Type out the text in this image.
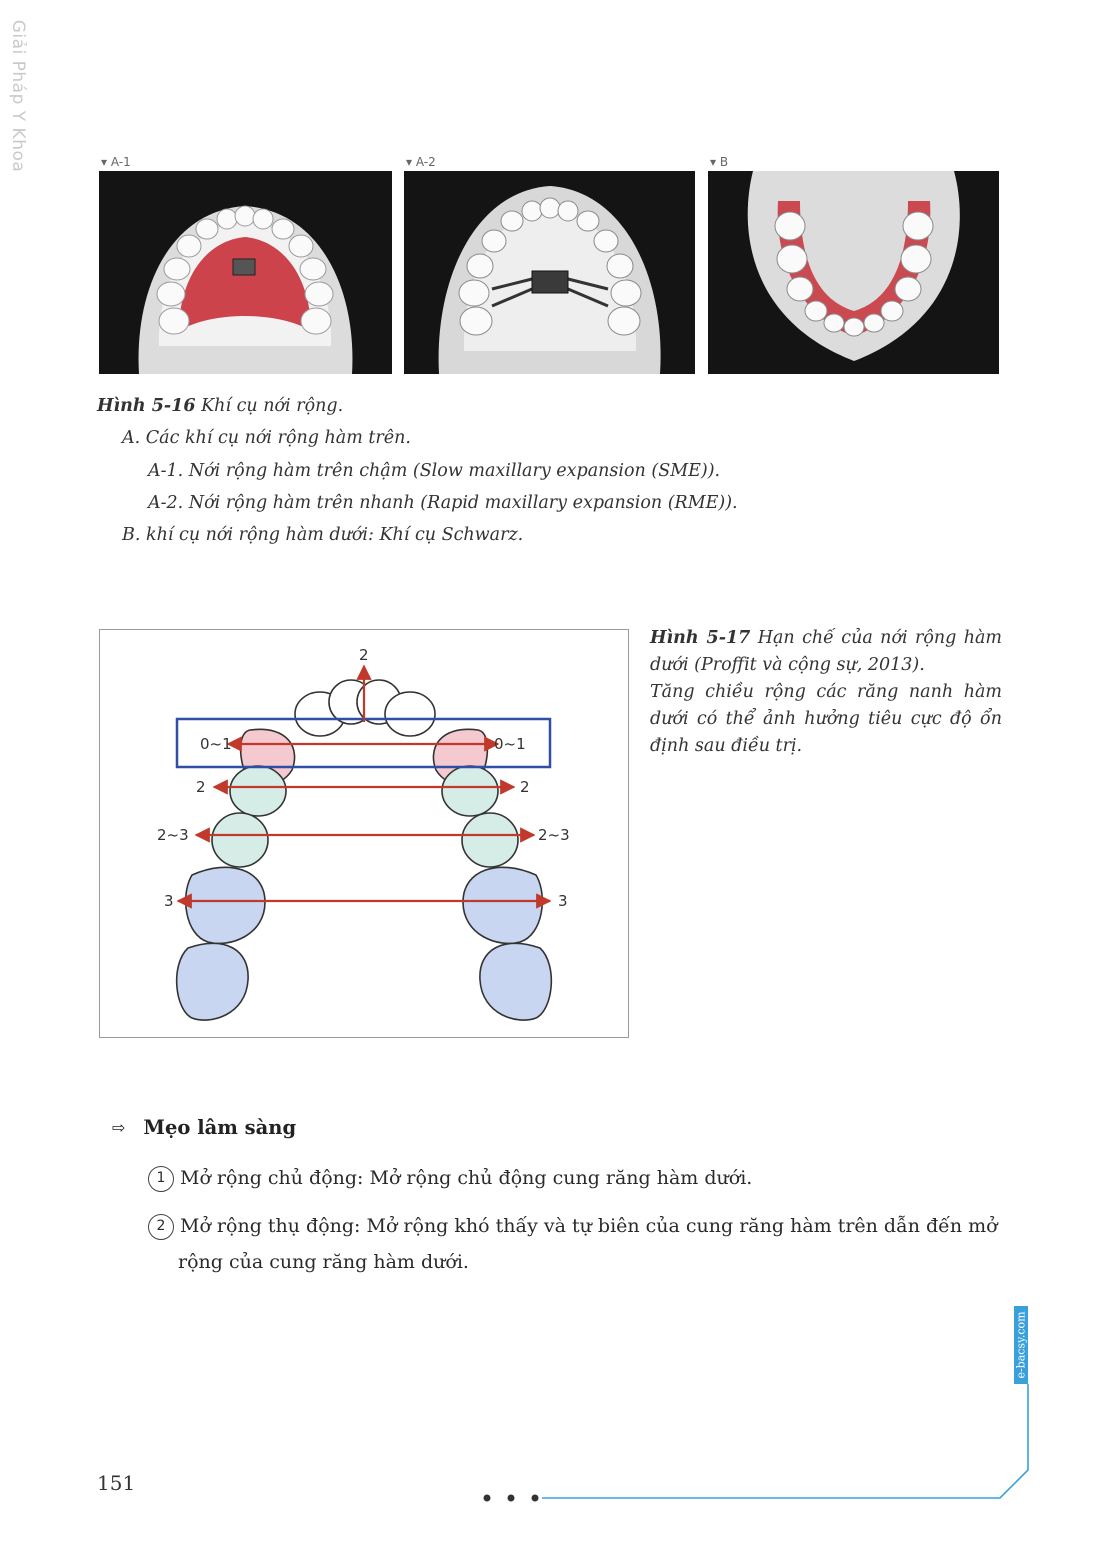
Giải Pháp Y Khoa	▾ A-1	▾ A-2	▾ B
Hình 5-16 Khí cụ nới rộng.
A. Các khí cụ nới rộng hàm trên.
A-1. Nới rộng hàm trên chậm (Slow maxillary expansion (SME)).
A-2. Nới rộng hàm trên nhanh (Rapid maxillary expansion (RME)).
B. khí cụ nới rộng hàm dưới: Khí cụ Schwarz.
2
0~1	0~1
2	2
2~3	2~3
3	3

Hình 5-17 Hạn chế của nới rộng hàm dưới (Proffit và cộng sự, 2013).

Tăng chiều rộng các răng nanh hàm dưới có thể ảnh hưởng tiêu cực độ ổn định sau điều trị.

⇨ Mẹo lâm sàng
1 Mở rộng chủ động: Mở rộng chủ động cung răng hàm dưới.
2 Mở rộng thụ động: Mở rộng khó thấy và tự biên của cung răng hàm trên dẫn đến mở rộng của cung răng hàm dưới.
151
e-bacsy.com
